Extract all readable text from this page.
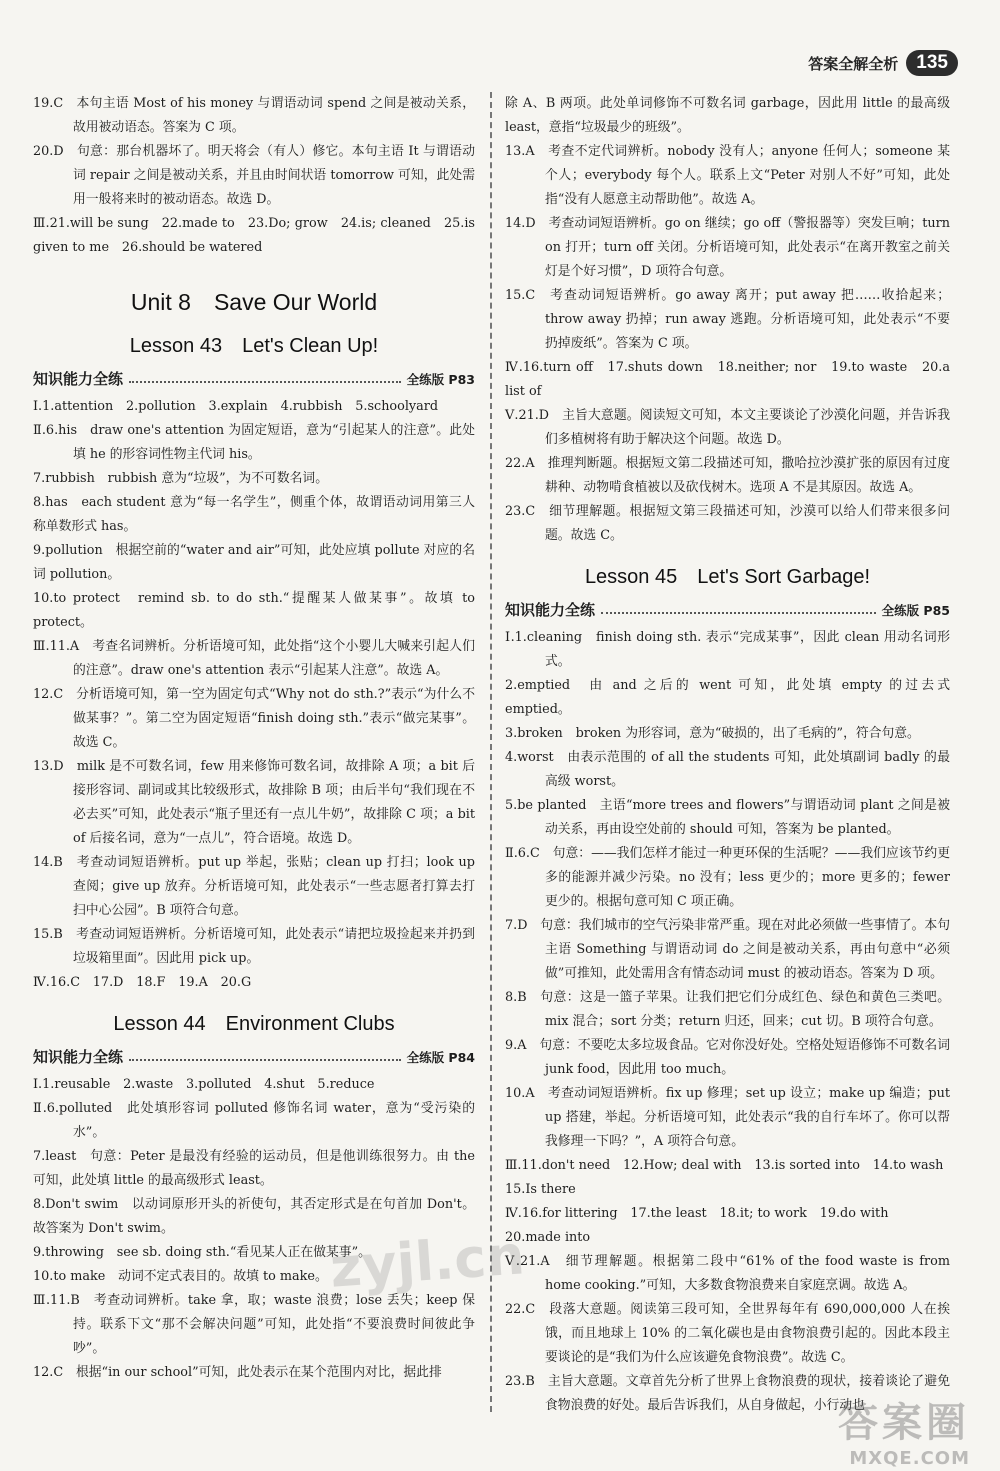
答案全解全析 135

19.C　本句主语 Most of his money 与谓语动词 spend 之间是被动关系，故用被动语态。答案为 C 项。

20.D　句意：那台机器坏了。明天将会（有人）修它。本句主语 It 与谓语动词 repair 之间是被动关系，并且由时间状语 tomorrow 可知，此处需用一般将来时的被动语态。故选 D。

Ⅲ.21.will be sung　22.made to　23.Do; grow　24.is; cleaned　25.is given to me　26.should be watered

Unit 8　Save Our World
Lesson 43　Let's Clean Up!
知识能力全练	全练版 P83

Ⅰ.1.attention　2.pollution　3.explain　4.rubbish　5.schoolyard

Ⅱ.6.his　draw one's attention 为固定短语，意为“引起某人的注意”。此处填 he 的形容词性物主代词 his。

7.rubbish　rubbish 意为“垃圾”，为不可数名词。

8.has　each student 意为“每一名学生”，侧重个体，故谓语动词用第三人称单数形式 has。

9.pollution　根据空前的“water and air”可知，此处应填 pollute 对应的名词 pollution。

10.to protect　remind sb. to do sth.“提醒某人做某事”。故填 to protect。

Ⅲ.11.A　考查名词辨析。分析语境可知，此处指“这个小婴儿大喊来引起人们的注意”。draw one's attention 表示“引起某人注意”。故选 A。

12.C　分析语境可知，第一空为固定句式“Why not do sth.?”表示“为什么不做某事？”。第二空为固定短语“finish doing sth.”表示“做完某事”。故选 C。

13.D　milk 是不可数名词，few 用来修饰可数名词，故排除 A 项；a bit 后接形容词、副词或其比较级形式，故排除 B 项；由后半句“我们现在不必去买”可知，此处表示“瓶子里还有一点儿牛奶”，故排除 C 项；a bit of 后接名词，意为“一点儿”，符合语境。故选 D。

14.B　考查动词短语辨析。put up 举起，张贴；clean up 打扫；look up 查阅；give up 放弃。分析语境可知，此处表示“一些志愿者打算去打扫中心公园”。B 项符合句意。

15.B　考查动词短语辨析。分析语境可知，此处表示“请把垃圾捡起来并扔到垃圾箱里面”。因此用 pick up。

Ⅳ.16.C　17.D　18.F　19.A　20.G

Lesson 44　Environment Clubs
知识能力全练	全练版 P84

Ⅰ.1.reusable　2.waste　3.polluted　4.shut　5.reduce

Ⅱ.6.polluted　此处填形容词 polluted 修饰名词 water，意为“受污染的水”。

7.least　句意：Peter 是最没有经验的运动员，但是他训练很努力。由 the 可知，此处填 little 的最高级形式 least。

8.Don't swim　以动词原形开头的祈使句，其否定形式是在句首加 Don't。故答案为 Don't swim。

9.throwing　see sb. doing sth.“看见某人正在做某事”。

10.to make　动词不定式表目的。故填 to make。

Ⅲ.11.B　考查动词辨析。take 拿，取；waste 浪费；lose 丢失；keep 保持。联系下文“那不会解决问题”可知，此处指“不要浪费时间彼此争吵”。

12.C　根据“in our school”可知，此处表示在某个范围内对比，据此排

除 A、B 两项。此处单词修饰不可数名词 garbage，因此用 little 的最高级 least，意指“垃圾最少的班级”。

13.A　考查不定代词辨析。nobody 没有人；anyone 任何人；someone 某个人；everybody 每个人。联系上文“Peter 对别人不好”可知，此处指“没有人愿意主动帮助他”。故选 A。

14.D　考查动词短语辨析。go on 继续；go off（警报器等）突发巨响；turn on 打开；turn off 关闭。分析语境可知，此处表示“在离开教室之前关灯是个好习惯”，D 项符合句意。

15.C　考查动词短语辨析。go away 离开；put away 把……收拾起来；throw away 扔掉；run away 逃跑。分析语境可知，此处表示“不要扔掉废纸”。答案为 C 项。

Ⅳ.16.turn off　17.shuts down　18.neither; nor　19.to waste　20.a list of

Ⅴ.21.D　主旨大意题。阅读短文可知，本文主要谈论了沙漠化问题，并告诉我们多植树将有助于解决这个问题。故选 D。

22.A　推理判断题。根据短文第二段描述可知，撒哈拉沙漠扩张的原因有过度耕种、动物啃食植被以及砍伐树木。选项 A 不是其原因。故选 A。

23.C　细节理解题。根据短文第三段描述可知，沙漠可以给人们带来很多问题。故选 C。

Lesson 45　Let's Sort Garbage!
知识能力全练	全练版 P85

Ⅰ.1.cleaning　finish doing sth. 表示“完成某事”，因此 clean 用动名词形式。

2.emptied　由 and 之后的 went 可知，此处填 empty 的过去式 emptied。

3.broken　broken 为形容词，意为“破损的，出了毛病的”，符合句意。

4.worst　由表示范围的 of all the students 可知，此处填副词 badly 的最高级 worst。

5.be planted　主语“more trees and flowers”与谓语动词 plant 之间是被动关系，再由设空处前的 should 可知，答案为 be planted。

Ⅱ.6.C　句意：——我们怎样才能过一种更环保的生活呢？——我们应该节约更多的能源并减少污染。no 没有；less 更少的；more 更多的；fewer 更少的。根据句意可知 C 项正确。

7.D　句意：我们城市的空气污染非常严重。现在对此必须做一些事情了。本句主语 Something 与谓语动词 do 之间是被动关系，再由句意中“必须做”可推知，此处需用含有情态动词 must 的被动语态。答案为 D 项。

8.B　句意：这是一篮子苹果。让我们把它们分成红色、绿色和黄色三类吧。mix 混合；sort 分类；return 归还，回来；cut 切。B 项符合句意。

9.A　句意：不要吃太多垃圾食品。它对你没好处。空格处短语修饰不可数名词 junk food，因此用 too much。

10.A　考查动词短语辨析。fix up 修理；set up 设立；make up 编造；put up 搭建，举起。分析语境可知，此处表示“我的自行车坏了。你可以帮我修理一下吗？”，A 项符合句意。

Ⅲ.11.don't need　12.How; deal with　13.is sorted into　14.to wash

15.Is there

Ⅳ.16.for littering　17.the least　18.it; to work　19.do with

20.made into

Ⅴ.21.A　细节理解题。根据第二段中“61% of the food waste is from home cooking.”可知，大多数食物浪费来自家庭烹调。故选 A。

22.C　段落大意题。阅读第三段可知，全世界每年有 690,000,000 人在挨饿，而且地球上 10% 的二氧化碳也是由食物浪费引起的。因此本段主要谈论的是“我们为什么应该避免食物浪费”。故选 C。

23.B　主旨大意题。文章首先分析了世界上食物浪费的现状，接着谈论了避免食物浪费的好处。最后告诉我们，从自身做起，小行动也

zyjl.cn
答案圈
MXQE.COM
